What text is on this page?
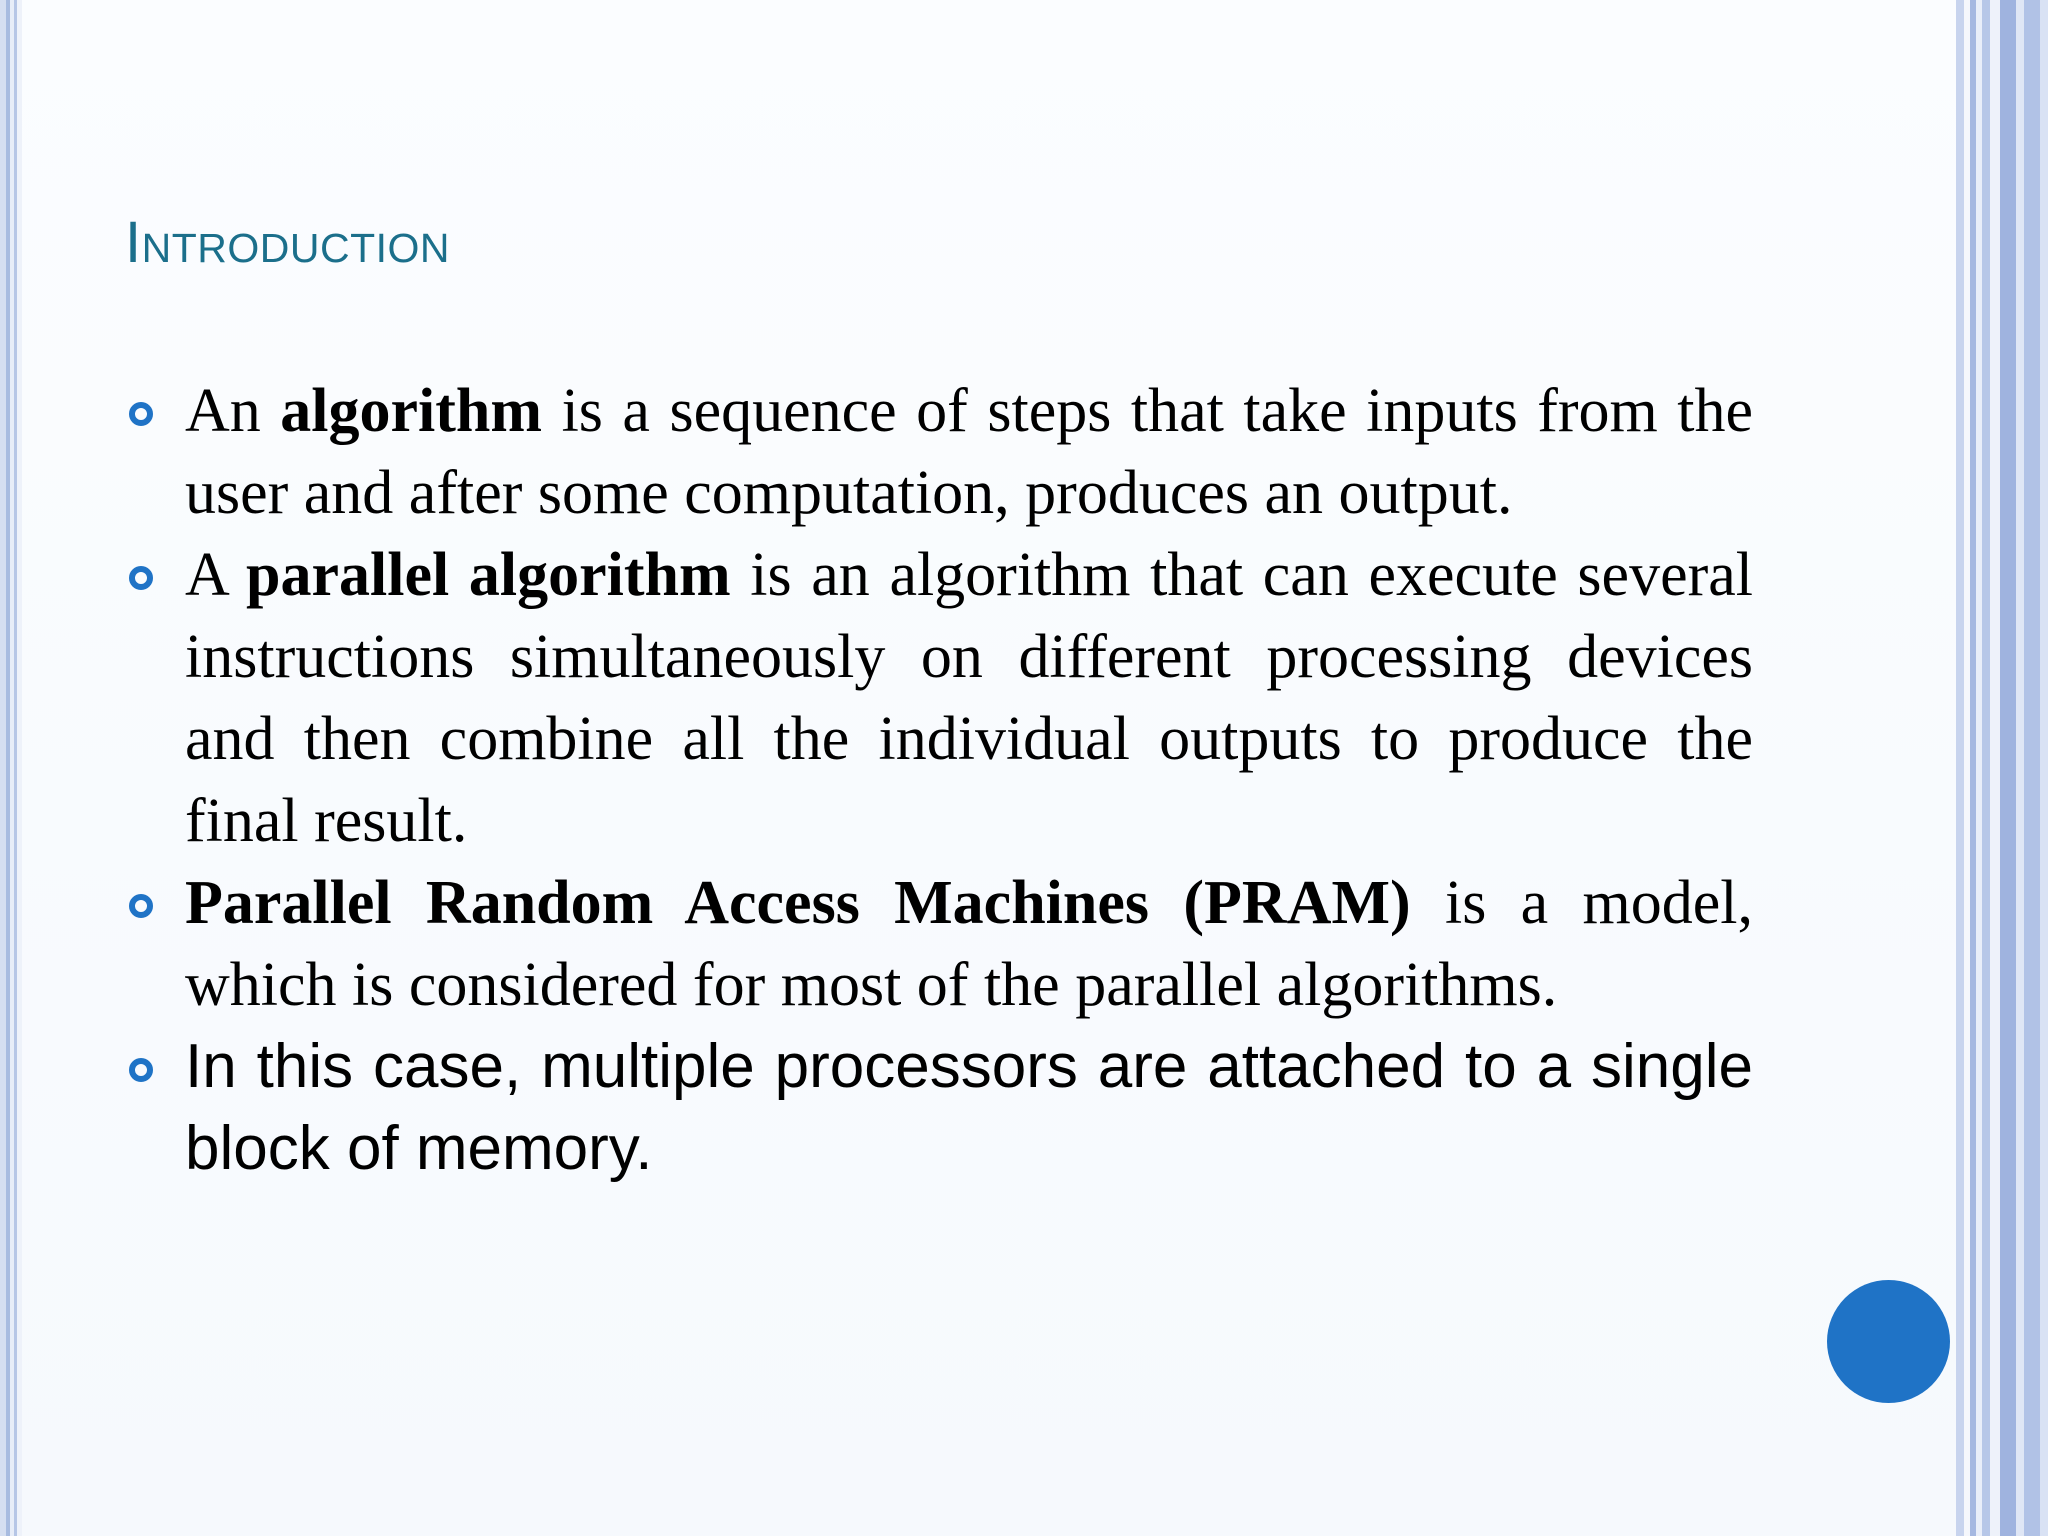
Introduction
An algorithm is a sequence of steps that take inputs from the user and after some computation, produces an output.
A parallel algorithm is an algorithm that can execute several instructions simultaneously on different processing devices and then combine all the individual outputs to produce the final result.
Parallel Random Access Machines (PRAM) is a model, which is considered for most of the parallel algorithms.
In this case, multiple processors are attached to a single block of memory.
